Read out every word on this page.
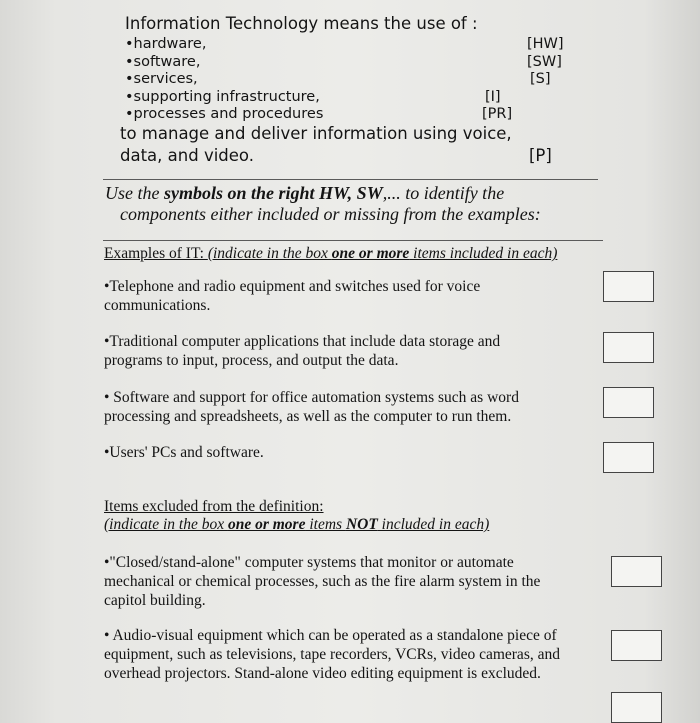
Information Technology means the use of :
•hardware,	[HW]
•software,	[SW]
•services,	[S]
•supporting infrastructure,	[I]
•processes and procedures	[PR]
to manage and deliver information using voice,
data, and video.	[P]
Use the symbols on the right HW, SW,... to identify the
components either included or missing from the examples:
Examples of IT: (indicate in the box one or more items included in each)
•Telephone and radio equipment and switches used for voice communications.
•Traditional computer applications that include data storage and programs to input, process, and output the data.
• Software and support for office automation systems such as word processing and spreadsheets, as well as the computer to run them.
•Users' PCs and software.
Items excluded from the definition:
(indicate in the box one or more items NOT included in each)
•"Closed/stand-alone" computer systems that monitor or automate mechanical or chemical processes, such as the fire alarm system in the capitol building.
• Audio-visual equipment which can be operated as a standalone piece of equipment, such as televisions, tape recorders, VCRs, video cameras, and overhead projectors. Stand-alone video editing equipment is excluded.
